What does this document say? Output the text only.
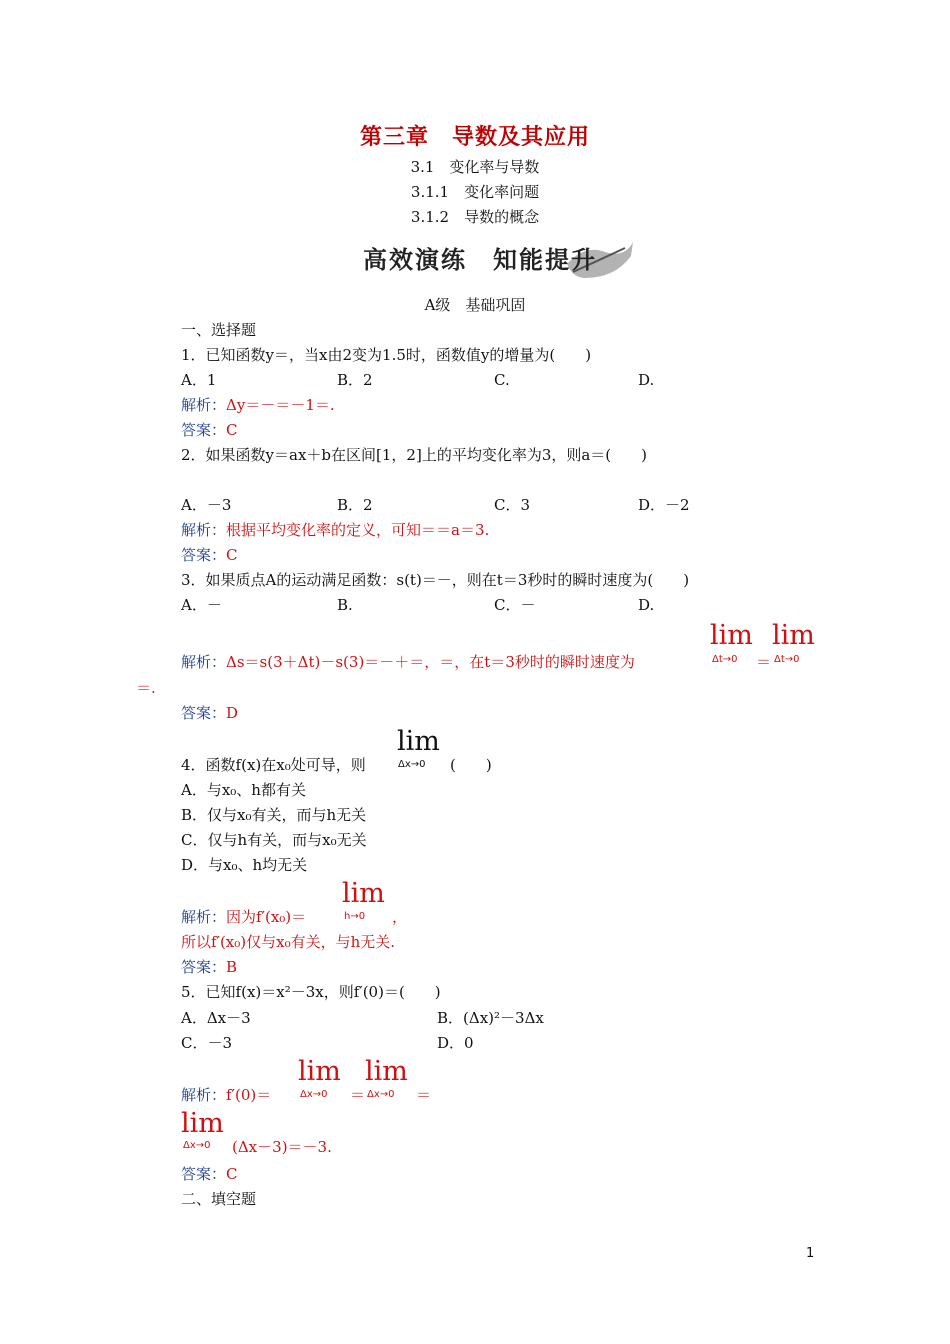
第三章　导数及其应用
3.1　变化率与导数
3.1.1　变化率问题
3.1.2　导数的概念
高效演练　知能提升
A级　基础巩固
一、选择题
1．已知函数y＝，当x由2变为1.5时，函数值y的增量为(　　)
A．1	B．2	C.	D.
解析：Δy＝－＝－1＝.
答案：C
2．如果函数y＝ax＋b在区间[1，2]上的平均变化率为3，则a＝(　　)
A．－3	B．2	C．3	D．－2
解析：根据平均变化率的定义，可知＝＝a＝3.
答案：C
3．如果质点A的运动满足函数：s(t)＝－，则在t＝3秒时的瞬时速度为(　　)
A．－	B.	C．－	D.
解析：Δs＝s(3＋Δt)－s(3)＝－＋＝，＝，在t＝3秒时的瞬时速度为
lim
Δt→0 ＝
lim
Δt→0
＝.
答案：D
4．函数f(x)在x₀处可导，则
lim
Δx→0 (　　)
A．与x₀、h都有关
B．仅与x₀有关，而与h无关
C．仅与h有关，而与x₀无关
D．与x₀、h均无关
解析：因为f′(x₀)＝
lim
h→0 ，
所以f′(x₀)仅与x₀有关，与h无关.
答案：B
5．已知f(x)＝x²－3x，则f′(0)＝(　　)
A．Δx－3	B．(Δx)²－3Δx
C．－3	D．0
解析：f′(0)＝
lim
Δx→0 ＝
lim
Δx→0 ＝
lim
Δx→0 (Δx－3)＝－3.
答案：C
二、填空题
1
